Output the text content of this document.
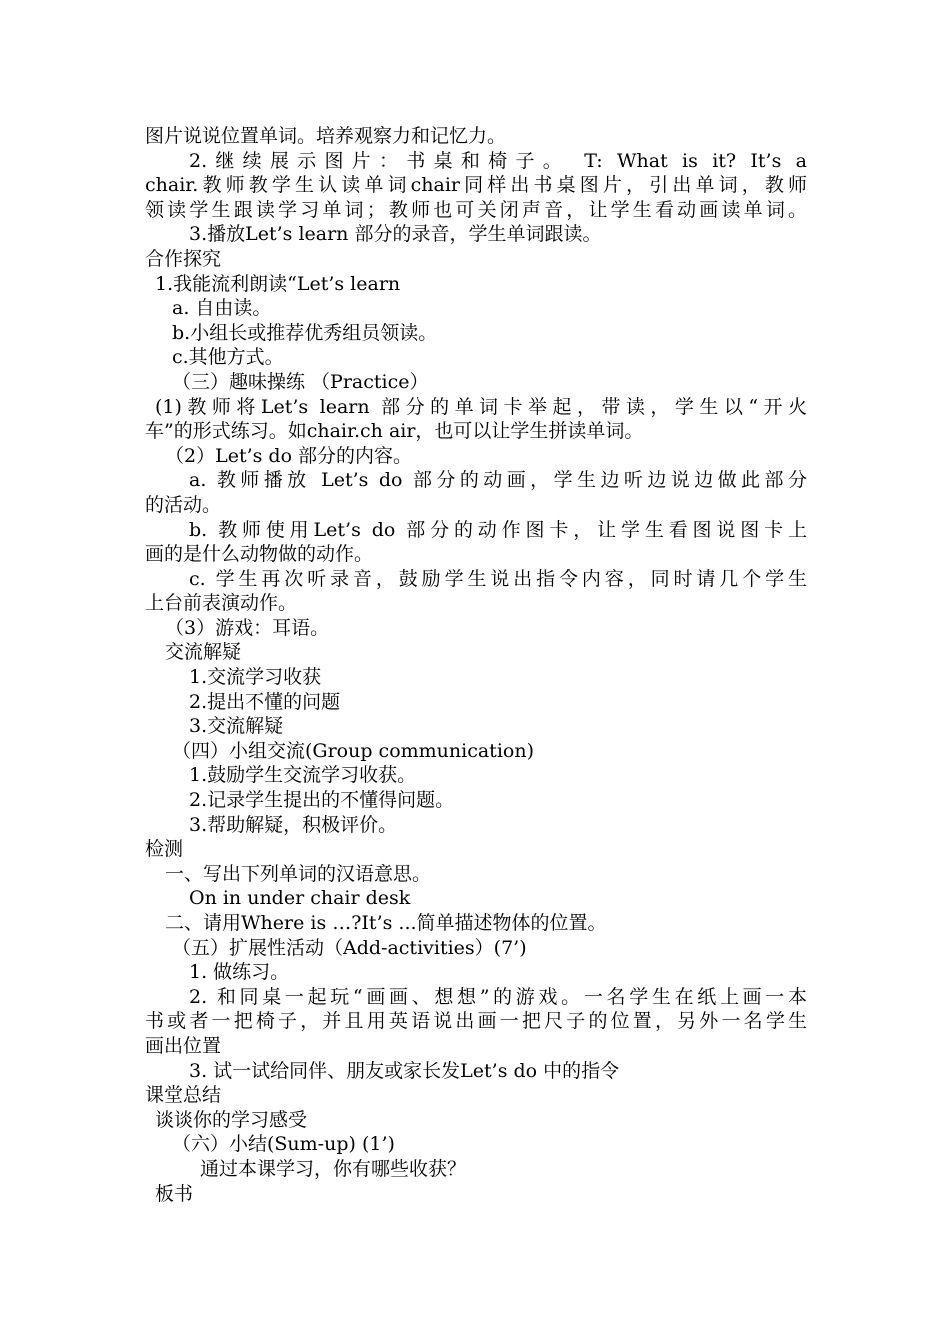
图片说说位置单词。培养观察力和记忆力。
2.继续展示图片：书桌和椅子。 T: What is it? It’s a
chair.教师教学生认读单词chair同样出书桌图片，引出单词，教师
领读学生跟读学习单词；教师也可关闭声音，让学生看动画读单词。
3.播放Let’s learn 部分的录音，学生单词跟读。
合作探究
1.我能流利朗读“Let’s learn
a. 自由读。
b.小组长或推荐优秀组员领读。
c.其他方式。
（三）趣味操练 （Practice）
(1)教师将Let’s learn 部分的单词卡举起，带读，学生以“开火
车”的形式练习。如chair.ch air，也可以让学生拼读单词。
（2）Let’s do 部分的内容。
a. 教师播放 Let’s do 部分的动画，学生边听边说边做此部分
的活动。
b. 教师使用Let’s do 部分的动作图卡，让学生看图说图卡上
画的是什么动物做的动作。
c. 学生再次听录音，鼓励学生说出指令内容，同时请几个学生
上台前表演动作。
（3）游戏：耳语。
交流解疑
1.交流学习收获
2.提出不懂的问题
3.交流解疑
（四）小组交流(Group communication)
1.鼓励学生交流学习收获。
2.记录学生提出的不懂得问题。
3.帮助解疑，积极评价。
检测
一、写出下列单词的汉语意思。
On in under chair desk
二、请用Where is …?It’s ...简单描述物体的位置。
（五）扩展性活动（Add-activities）(7’)
1. 做练习。
2. 和同桌一起玩“画画、想想”的游戏。一名学生在纸上画一本
书或者一把椅子，并且用英语说出画一把尺子的位置，另外一名学生
画出位置
3. 试一试给同伴、朋友或家长发Let’s do 中的指令
课堂总结
谈谈你的学习感受
（六）小结(Sum-up) (1’)
通过本课学习，你有哪些收获？
板书
